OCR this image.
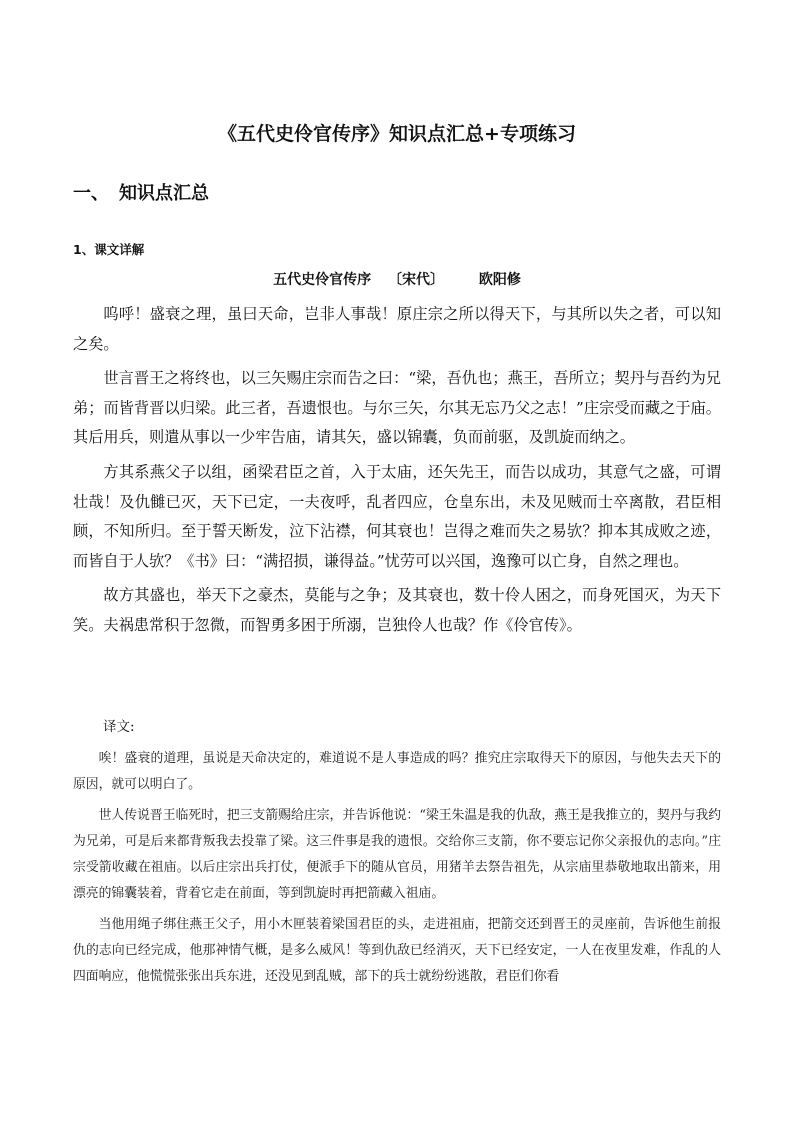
《五代史伶官传序》知识点汇总+专项练习
一、 知识点汇总
1、课文详解
五代史伶官传序 〔宋代〕 欧阳修

呜呼！盛衰之理，虽曰天命，岂非人事哉！原庄宗之所以得天下，与其所以失之者，可以知之矣。

世言晋王之将终也，以三矢赐庄宗而告之曰：“梁，吾仇也；燕王，吾所立；契丹与吾约为兄弟；而皆背晋以归梁。此三者，吾遗恨也。与尔三矢，尔其无忘乃父之志！”庄宗受而藏之于庙。其后用兵，则遣从事以一少牢告庙，请其矢，盛以锦囊，负而前驱，及凯旋而纳之。

方其系燕父子以组，函梁君臣之首，入于太庙，还矢先王，而告以成功，其意气之盛，可谓壮哉！及仇雠已灭，天下已定，一夫夜呼，乱者四应，仓皇东出，未及见贼而士卒离散，君臣相顾，不知所归。至于誓天断发，泣下沾襟，何其衰也！岂得之难而失之易欤？抑本其成败之迹，而皆自于人欤？《书》曰：“满招损，谦得益。”忧劳可以兴国，逸豫可以亡身，自然之理也。

故方其盛也，举天下之豪杰，莫能与之争；及其衰也，数十伶人困之，而身死国灭，为天下笑。夫祸患常积于忽微，而智勇多困于所溺，岂独伶人也哉？作《伶官传》。

译文:

唉！盛衰的道理，虽说是天命决定的，难道说不是人事造成的吗？推究庄宗取得天下的原因，与他失去天下的原因，就可以明白了。

世人传说晋王临死时，把三支箭赐给庄宗，并告诉他说：“梁王朱温是我的仇敌，燕王是我推立的，契丹与我约为兄弟，可是后来都背叛我去投靠了梁。这三件事是我的遗恨。交给你三支箭，你不要忘记你父亲报仇的志向。”庄宗受箭收藏在祖庙。以后庄宗出兵打仗，便派手下的随从官员，用猪羊去祭告祖先，从宗庙里恭敬地取出箭来，用漂亮的锦囊装着，背着它走在前面，等到凯旋时再把箭藏入祖庙。

当他用绳子绑住燕王父子，用小木匣装着梁国君臣的头，走进祖庙，把箭交还到晋王的灵座前，告诉他生前报仇的志向已经完成，他那神情气概，是多么威风！等到仇敌已经消灭，天下已经安定，一人在夜里发难，作乱的人四面响应，他慌慌张张出兵东进，还没见到乱贼，部下的兵士就纷纷逃散，君臣们你看
